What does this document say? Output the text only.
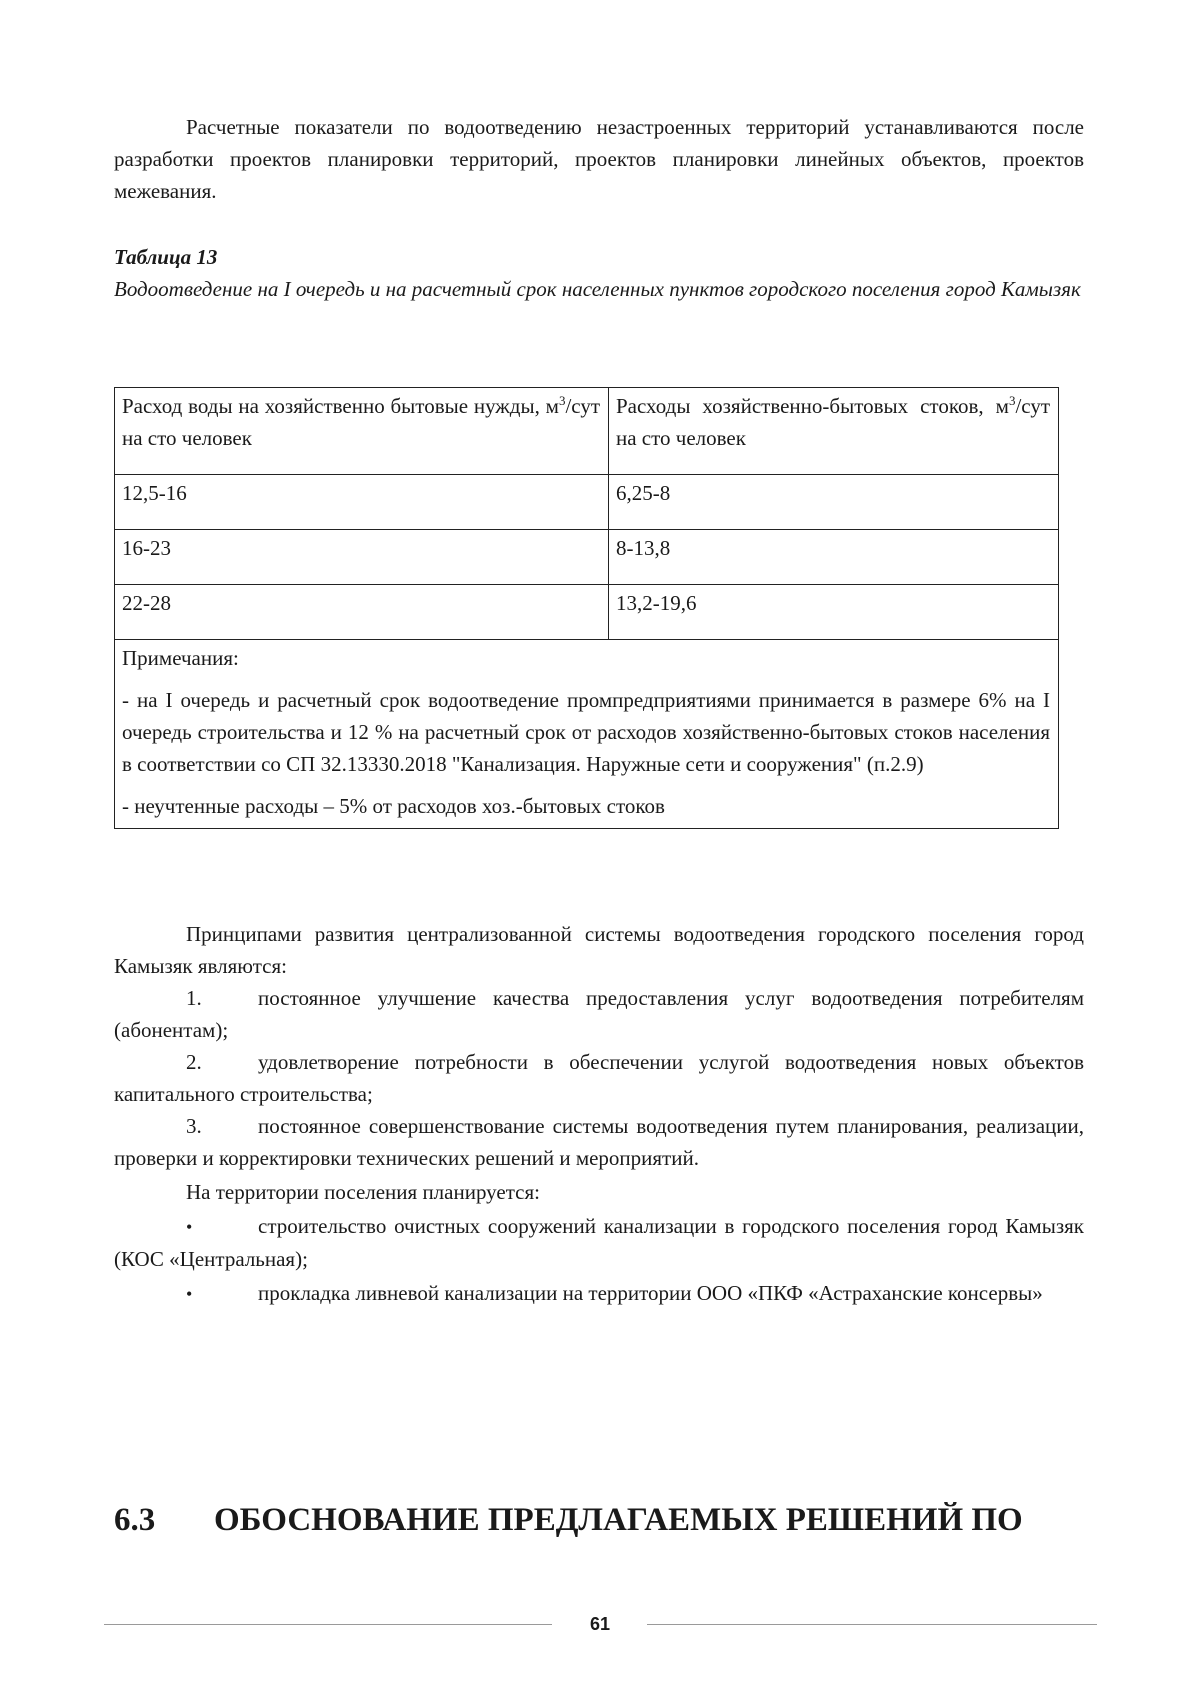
Расчетные показатели по водоотведению незастроенных территорий устанавливаются после разработки проектов планировки территорий, проектов планировки линейных объектов, проектов межевания.

Таблица 13

Водоотведение на I очередь и на расчетный срок населенных пунктов городского поселения город Камызяк

Расход воды на хозяйственно бытовые нужды, $м^3$/сут на сто человек	Расходы хозяйственно-бытовых стоков, $м^3$/сут на сто человек
12,5-16	6,25-8
16-23	8-13,8
22-28	13,2-19,6

Примечания:

- на I очередь и расчетный срок водоотведение промпредприятиями принимается в размере 6% на I очередь строительства и 12 % на расчетный срок от расходов хозяйственно-бытовых стоков населения в соответствии со СП 32.13330.2018 "Канализация. Наружные сети и сооружения" (п.2.9)

- неучтенные расходы – 5% от расходов хоз.-бытовых стоков	

Принципами развития централизованной системы водоотведения городского поселения город Камызяк являются:

1.	постоянное улучшение качества предоставления услуг водоотведения потребителям (абонентам);

2.	удовлетворение потребности в обеспечении услугой водоотведения новых объектов капитального строительства;

3.	постоянное совершенствование системы водоотведения путем планирования, реализации, проверки и корректировки технических решений и мероприятий.

На территории поселения планируется:

•	строительство очистных сооружений канализации в городского поселения город Камызяк (КОС «Центральная);

•	прокладка ливневой канализации на территории ООО «ПКФ «Астраханские консервы»

6.3 ОБОСНОВАНИЕ ПРЕДЛАГАЕМЫХ РЕШЕНИЙ ПО
61
